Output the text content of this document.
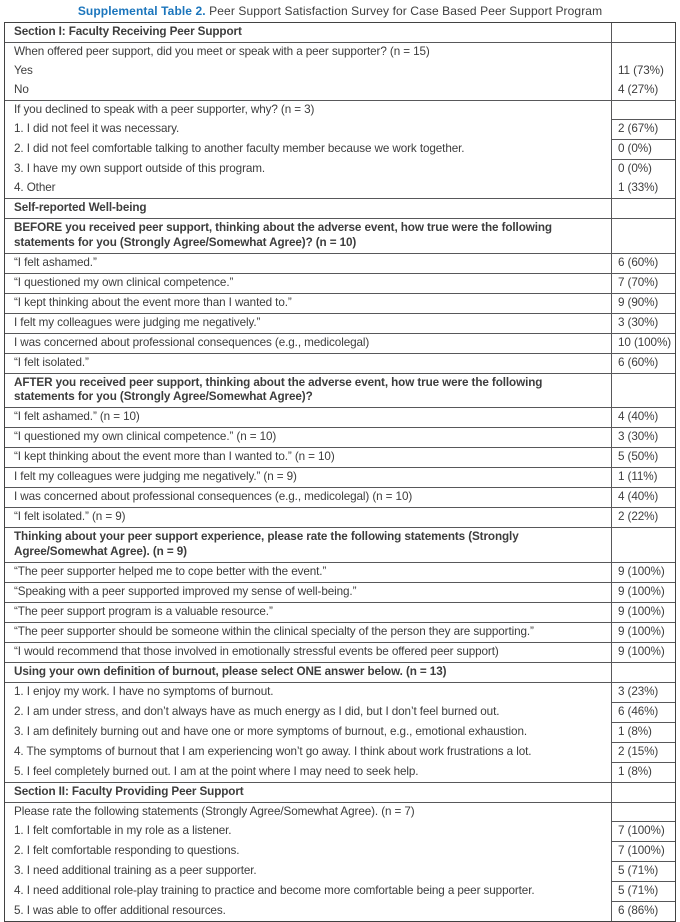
Supplemental Table 2. Peer Support Satisfaction Survey for Case Based Peer Support Program
Section I: Faculty Receiving Peer Support
When offered peer support, did you meet or speak with a peer supporter? (n = 15)
Yes	11 (73%)
No	4 (27%)
If you declined to speak with a peer supporter, why? (n = 3)
1. I did not feel it was necessary.	2 (67%)
2. I did not feel comfortable talking to another faculty member because we work together.	0 (0%)
3. I have my own support outside of this program.	0 (0%)
4. Other	1 (33%)
Self-reported Well-being
BEFORE you received peer support, thinking about the adverse event, how true were the following statements for you (Strongly Agree/Somewhat Agree)? (n = 10)
“I felt ashamed.”	6 (60%)
“I questioned my own clinical competence.”	7 (70%)
“I kept thinking about the event more than I wanted to.”	9 (90%)
I felt my colleagues were judging me negatively.”	3 (30%)
I was concerned about professional consequences (e.g., medicolegal)	10 (100%)
“I felt isolated.”	6 (60%)
AFTER you received peer support, thinking about the adverse event, how true were the following statements for you (Strongly Agree/Somewhat Agree)?
“I felt ashamed.” (n = 10)	4 (40%)
“I questioned my own clinical competence.” (n = 10)	3 (30%)
“I kept thinking about the event more than I wanted to.” (n = 10)	5 (50%)
I felt my colleagues were judging me negatively.” (n = 9)	1 (11%)
I was concerned about professional consequences (e.g., medicolegal) (n = 10)	4 (40%)
“I felt isolated.” (n = 9)	2 (22%)
Thinking about your peer support experience, please rate the following statements (Strongly Agree/Somewhat Agree). (n = 9)
“The peer supporter helped me to cope better with the event.”	9 (100%)
“Speaking with a peer supported improved my sense of well-being.”	9 (100%)
“The peer support program is a valuable resource.”	9 (100%)
“The peer supporter should be someone within the clinical specialty of the person they are supporting.”	9 (100%)
“I would recommend that those involved in emotionally stressful events be offered peer support)	9 (100%)
Using your own definition of burnout, please select ONE answer below. (n = 13)
1. I enjoy my work. I have no symptoms of burnout.	3 (23%)
2. I am under stress, and don’t always have as much energy as I did, but I don’t feel burned out.	6 (46%)
3. I am definitely burning out and have one or more symptoms of burnout, e.g., emotional exhaustion.	1 (8%)
4. The symptoms of burnout that I am experiencing won’t go away. I think about work frustrations a lot.	2 (15%)
5. I feel completely burned out. I am at the point where I may need to seek help.	1 (8%)
Section II: Faculty Providing Peer Support
Please rate the following statements (Strongly Agree/Somewhat Agree). (n = 7)
1. I felt comfortable in my role as a listener.	7 (100%)
2. I felt comfortable responding to questions.	7 (100%)
3. I need additional training as a peer supporter.	5 (71%)
4. I need additional role-play training to practice and become more comfortable being a peer supporter.	5 (71%)
5. I was able to offer additional resources.	6 (86%)
